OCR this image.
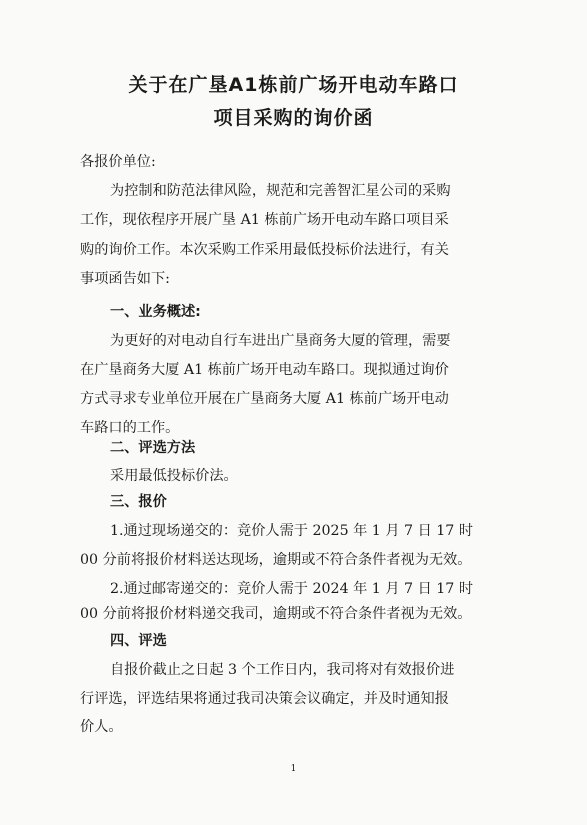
关于在广垦A1栋前广场开电动车路口
项目采购的询价函
各报价单位:
为控制和防范法律风险，规范和完善智汇星公司的采购
工作，现依程序开展广垦 A1 栋前广场开电动车路口项目采
购的询价工作。本次采购工作采用最低投标价法进行，有关
事项函告如下:
一、业务概述:
为更好的对电动自行车进出广垦商务大厦的管理，需要
在广垦商务大厦 A1 栋前广场开电动车路口。现拟通过询价
方式寻求专业单位开展在广垦商务大厦 A1 栋前广场开电动
车路口的工作。
二、评选方法
采用最低投标价法。
三、报价
1.通过现场递交的：竞价人需于 2025 年 1 月 7 日 17 时
00 分前将报价材料送达现场，逾期或不符合条件者视为无效。
2.通过邮寄递交的：竞价人需于 2024 年 1 月 7 日 17 时
00 分前将报价材料递交我司，逾期或不符合条件者视为无效。
四、评选
自报价截止之日起 3 个工作日内，我司将对有效报价进
行评选，评选结果将通过我司决策会议确定，并及时通知报
价人。
1
